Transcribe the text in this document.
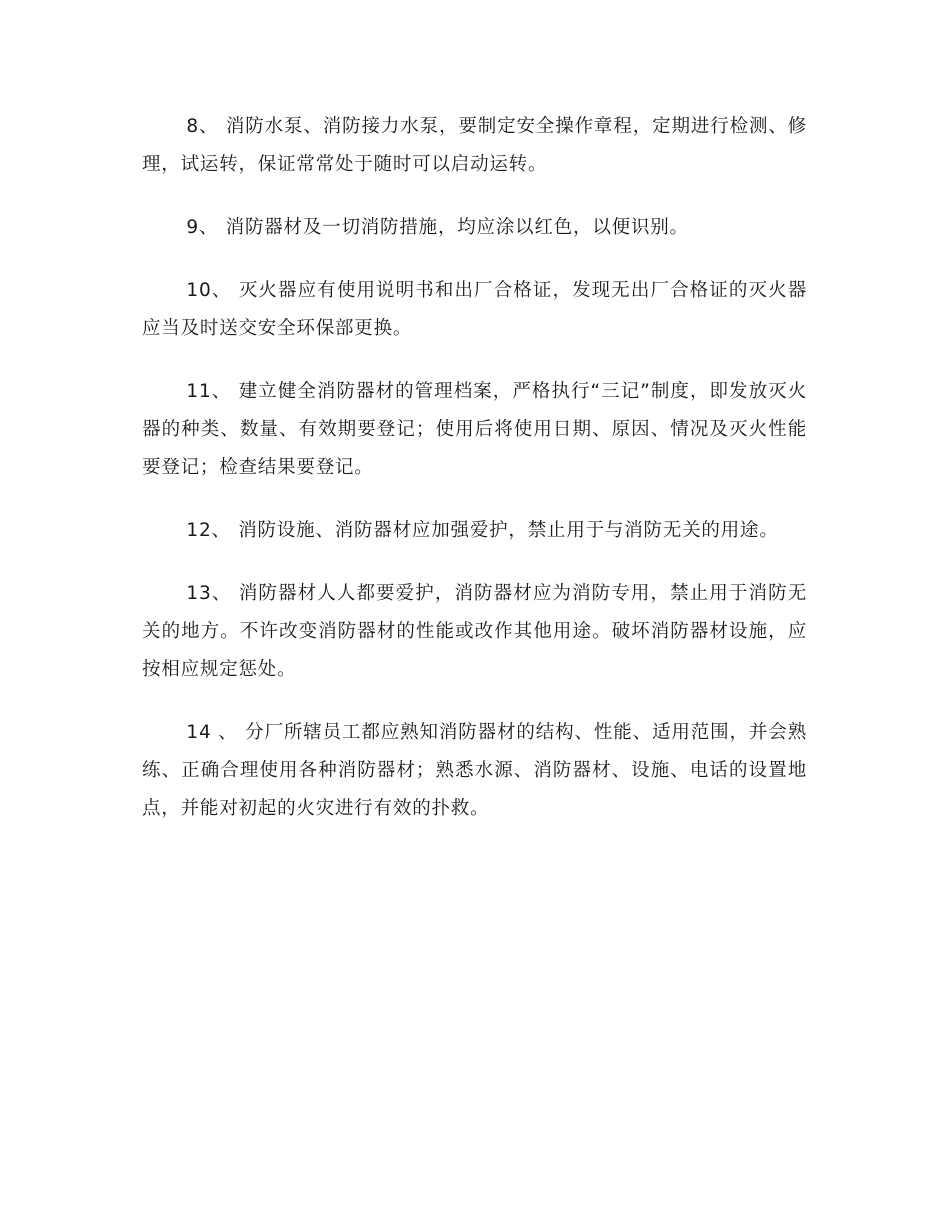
8、 消防水泵、消防接力水泵，要制定安全操作章程，定期进行检测、修理，试运转，保证常常处于随时可以启动运转。

9、 消防器材及一切消防措施，均应涂以红色，以便识别。

10、 灭火器应有使用说明书和出厂合格证，发现无出厂合格证的灭火器应当及时送交安全环保部更换。

11、 建立健全消防器材的管理档案，严格执行“三记”制度，即发放灭火器的种类、数量、有效期要登记；使用后将使用日期、原因、情况及灭火性能要登记；检查结果要登记。

12、 消防设施、消防器材应加强爱护，禁止用于与消防无关的用途。

13、 消防器材人人都要爱护，消防器材应为消防专用，禁止用于消防无关的地方。不许改变消防器材的性能或改作其他用途。破坏消防器材设施，应按相应规定惩处。

14 、 分厂所辖员工都应熟知消防器材的结构、性能、适用范围，并会熟练、正确合理使用各种消防器材；熟悉水源、消防器材、设施、电话的设置地点，并能对初起的火灾进行有效的扑救。
